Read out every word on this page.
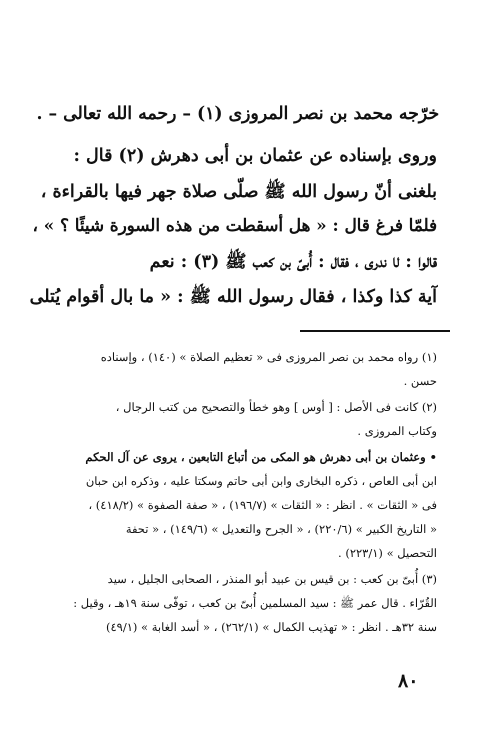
خرّجه محمد بن نصر المروزى (١) – رحمه الله تعالى – .
وروى بإسناده عن عثمان بن أبى دهرش (٢) قال :
بلغنى أنّ رسول الله ﷺ صلّى صلاة جهر فيها بالقراءة ،
فلمّا فرغ قال : « هل أسقطت من هذه السورة شيئًا ؟ » ،
قالوا : لا ندرى ، فقال : أُبىّ بن كعب ﷺ (٣) : نعم
آية كذا وكذا ، فقال رسول الله ﷺ : « ما بال أقوام يُتلى
(١) رواه محمد بن نصر المروزى فى « تعظيم الصلاة » (١٤٠) ، وإسناده
حسن .
(٢) كانت فى الأصل : [ أوس ] وهو خطأ والتصحيح من كتب الرجال ،
وكتاب المروزى .
• وعثمان بن أبى دهرش هو المكى من أتباع التابعين ، يروى عن آل الحكم
ابن أبى العاص ، ذكره البخارى وابن أبى حاتم وسكتا عليه ، وذكره ابن حبان
فى « الثقات » . انظر : « الثقات » (١٩٦/٧) ، « صفة الصفوة » (٤١٨/٢) ،
« التاريخ الكبير » (٢٢٠/٦) ، « الجرح والتعديل » (١٤٩/٦) ، « تحفة
التحصيل » (٢٢٣/١) .
(٣) أُبىّ بن كعب : بن قيس بن عبيد أبو المنذر ، الصحابى الجليل ، سيد
القُرّاء . قال عمر ﷺ : سيد المسلمين أُبىّ بن كعب ، توفّى سنة ١٩هـ ، وقيل :
سنة ٣٢هـ . انظر : « تهذيب الكمال » (٢٦٢/١) ، « أسد الغابة » (٤٩/١)
٨٠
